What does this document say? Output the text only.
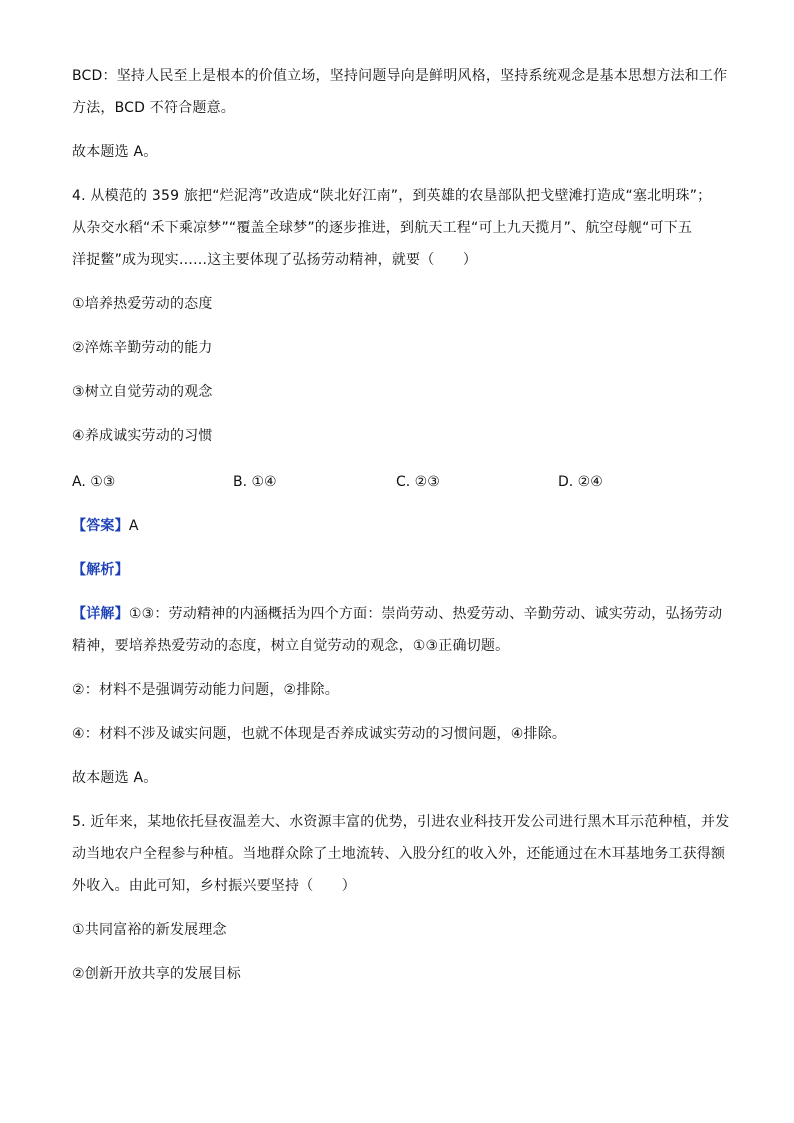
BCD：坚持人民至上是根本的价值立场，坚持问题导向是鲜明风格，坚持系统观念是基本思想方法和工作
方法，BCD 不符合题意。
故本题选 A。
4. 从模范的 359 旅把“烂泥湾”改造成“陕北好江南”，到英雄的农垦部队把戈壁滩打造成“塞北明珠”；
从杂交水稻“禾下乘凉梦”“覆盖全球梦”的逐步推进，到航天工程“可上九天揽月”、航空母舰“可下五
洋捉鳖”成为现实……这主要体现了弘扬劳动精神，就要（　　）
①培养热爱劳动的态度
②淬炼辛勤劳动的能力
③树立自觉劳动的观念
④养成诚实劳动的习惯
A. ①③	B. ①④	C. ②③	D. ②④
【答案】A
【解析】
【详解】①③：劳动精神的内涵概括为四个方面：崇尚劳动、热爱劳动、辛勤劳动、诚实劳动，弘扬劳动
精神，要培养热爱劳动的态度，树立自觉劳动的观念，①③正确切题。
②：材料不是强调劳动能力问题，②排除。
④：材料不涉及诚实问题，也就不体现是否养成诚实劳动的习惯问题，④排除。
故本题选 A。
5. 近年来，某地依托昼夜温差大、水资源丰富的优势，引进农业科技开发公司进行黑木耳示范种植，并发
动当地农户全程参与种植。当地群众除了土地流转、入股分红的收入外，还能通过在木耳基地务工获得额
外收入。由此可知，乡村振兴要坚持（　　）
①共同富裕的新发展理念
②创新开放共享的发展目标
